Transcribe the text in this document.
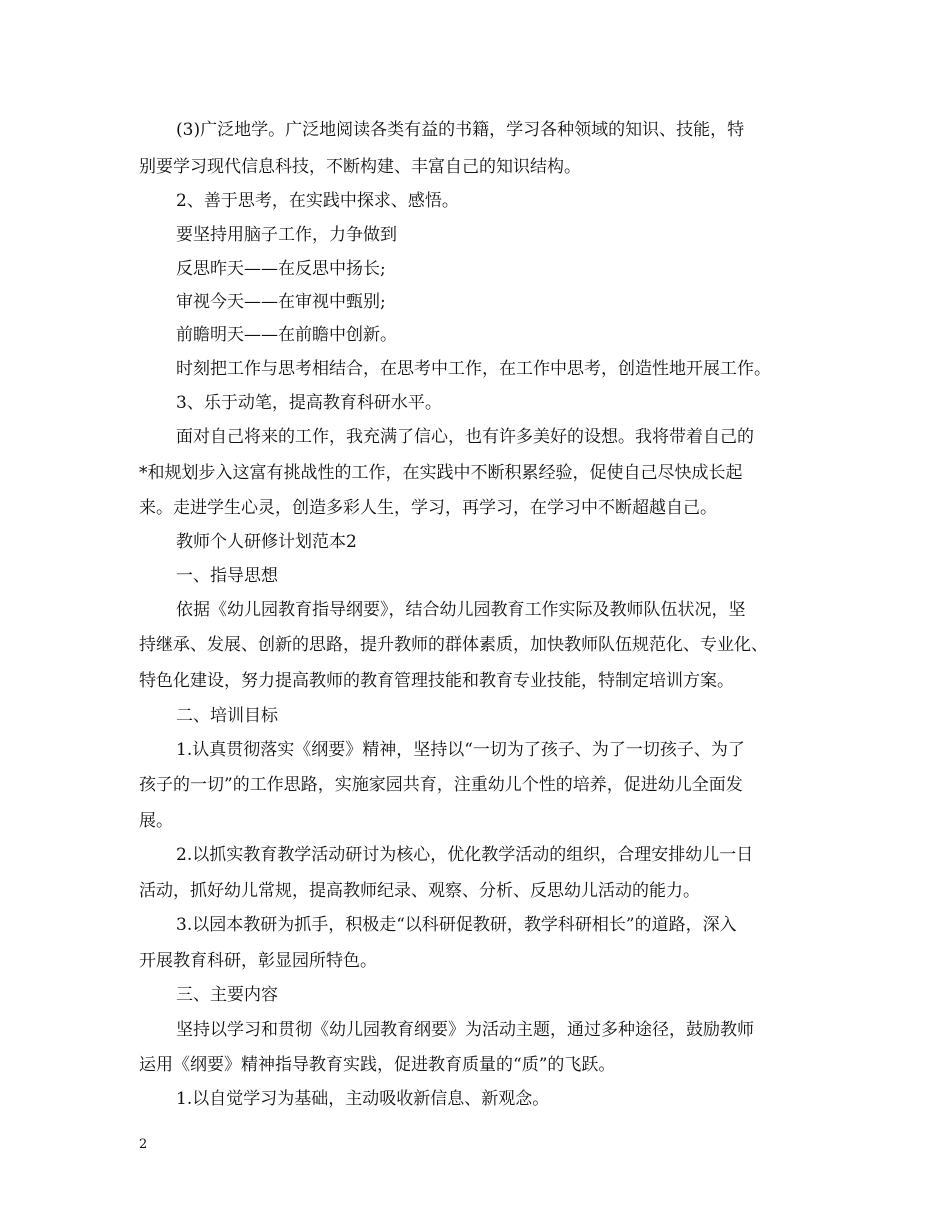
(3)广泛地学。广泛地阅读各类有益的书籍，学习各种领域的知识、技能，特
别要学习现代信息科技，不断构建、丰富自己的知识结构。
2、善于思考，在实践中探求、感悟。
要坚持用脑子工作，力争做到
反思昨天——在反思中扬长;
审视今天——在审视中甄别;
前瞻明天——在前瞻中创新。
时刻把工作与思考相结合，在思考中工作，在工作中思考，创造性地开展工作。
3、乐于动笔，提高教育科研水平。
面对自己将来的工作，我充满了信心，也有许多美好的设想。我将带着自己的
*和规划步入这富有挑战性的工作，在实践中不断积累经验，促使自己尽快成长起
来。走进学生心灵，创造多彩人生，学习，再学习，在学习中不断超越自己。
教师个人研修计划范本2
一、指导思想
依据《幼儿园教育指导纲要》，结合幼儿园教育工作实际及教师队伍状况，坚
持继承、发展、创新的思路，提升教师的群体素质，加快教师队伍规范化、专业化、
特色化建设，努力提高教师的教育管理技能和教育专业技能，特制定培训方案。
二、培训目标
1.认真贯彻落实《纲要》精神，坚持以“一切为了孩子、为了一切孩子、为了
孩子的一切”的工作思路，实施家园共育，注重幼儿个性的培养，促进幼儿全面发
展。
2.以抓实教育教学活动研讨为核心，优化教学活动的组织，合理安排幼儿一日
活动，抓好幼儿常规，提高教师纪录、观察、分析、反思幼儿活动的能力。
3.以园本教研为抓手，积极走“以科研促教研，教学科研相长”的道路，深入
开展教育科研，彰显园所特色。
三、主要内容
坚持以学习和贯彻《幼儿园教育纲要》为活动主题，通过多种途径，鼓励教师
运用《纲要》精神指导教育实践，促进教育质量的“质”的飞跃。
1.以自觉学习为基础，主动吸收新信息、新观念。
2
